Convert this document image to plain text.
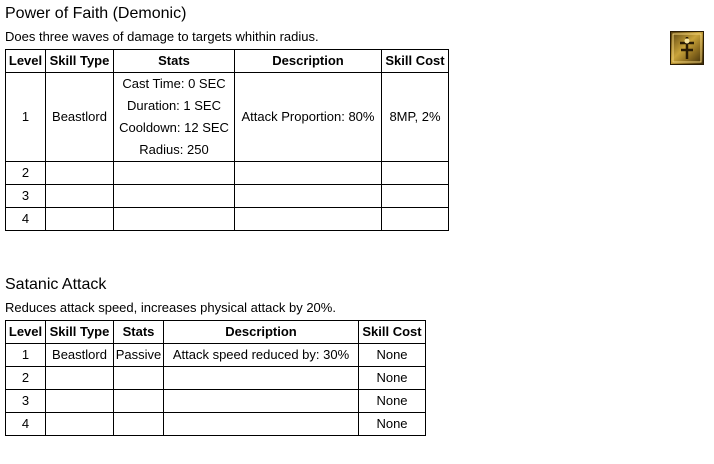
Power of Faith (Demonic)

Does three waves of damage to targets whithin radius.

Level	Skill Type	Stats	Description	Skill Cost
1	Beastlord	Cast Time: 0 SEC
Duration: 1 SEC
Cooldown: 12 SEC
Radius: 250	Attack Proportion: 80%	8MP, 2%
2				
3				
4				
Satanic Attack

Reduces attack speed, increases physical attack by 20%.

Level	Skill Type	Stats	Description	Skill Cost
1	Beastlord	Passive	Attack speed reduced by: 30%	None
2				None
3				None
4				None
